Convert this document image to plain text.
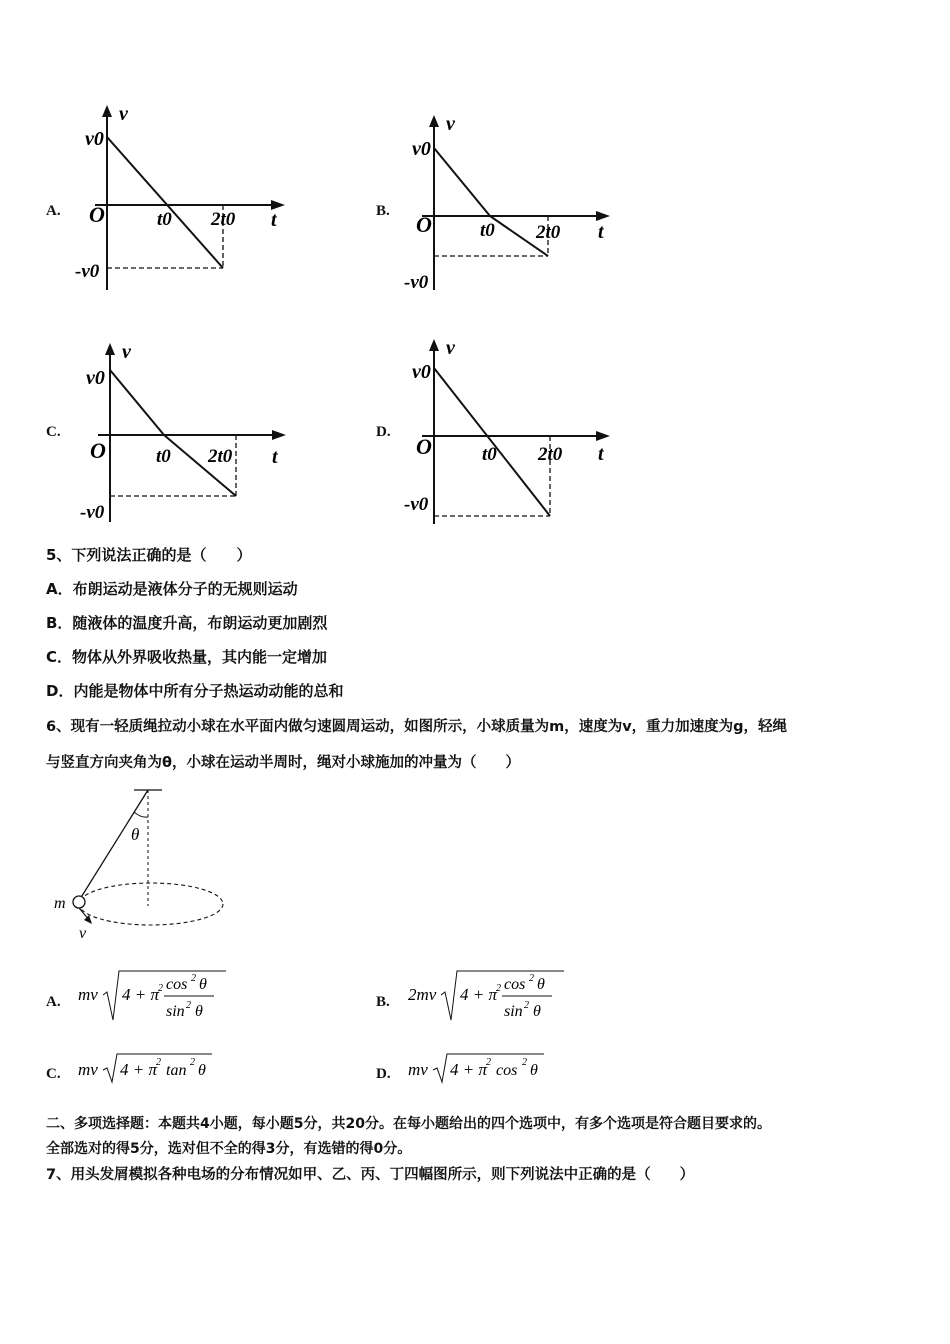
A.
v
v0
O	t0 2t0 t
-v0
B.
v
v0
O	t0 2t0 t
-v0
C.
v
v0
O	t0 2t0 t
-v0
D.
v
v0
O	t0 2t0 t
-v0
5、下列说法正确的是（　　）
A．布朗运动是液体分子的无规则运动
B．随液体的温度升高，布朗运动更加剧烈
C．物体从外界吸收热量，其内能一定增加
D．内能是物体中所有分子热运动动能的总和
6、现有一轻质绳拉动小球在水平面内做匀速圆周运动，如图所示，小球质量为m，速度为v，重力加速度为g，轻绳
与竖直方向夹角为θ，小球在运动半周时，绳对小球施加的冲量为（　　）
θ
m
v
A. mv 4 + π 2 cos 2 θ
sin 2 θ
B. 2mv 4 + π 2 cos 2 θ
sin 2 θ
C. mv 4 + π 2 tan 2 θ	D. mv 4 + π 2 cos 2 θ
二、多项选择题：本题共4小题，每小题5分，共20分。在每小题给出的四个选项中，有多个选项是符合题目要求的。
全部选对的得5分，选对但不全的得3分，有选错的得0分。
7、用头发屑模拟各种电场的分布情况如甲、乙、丙、丁四幅图所示，则下列说法中正确的是（　　）
